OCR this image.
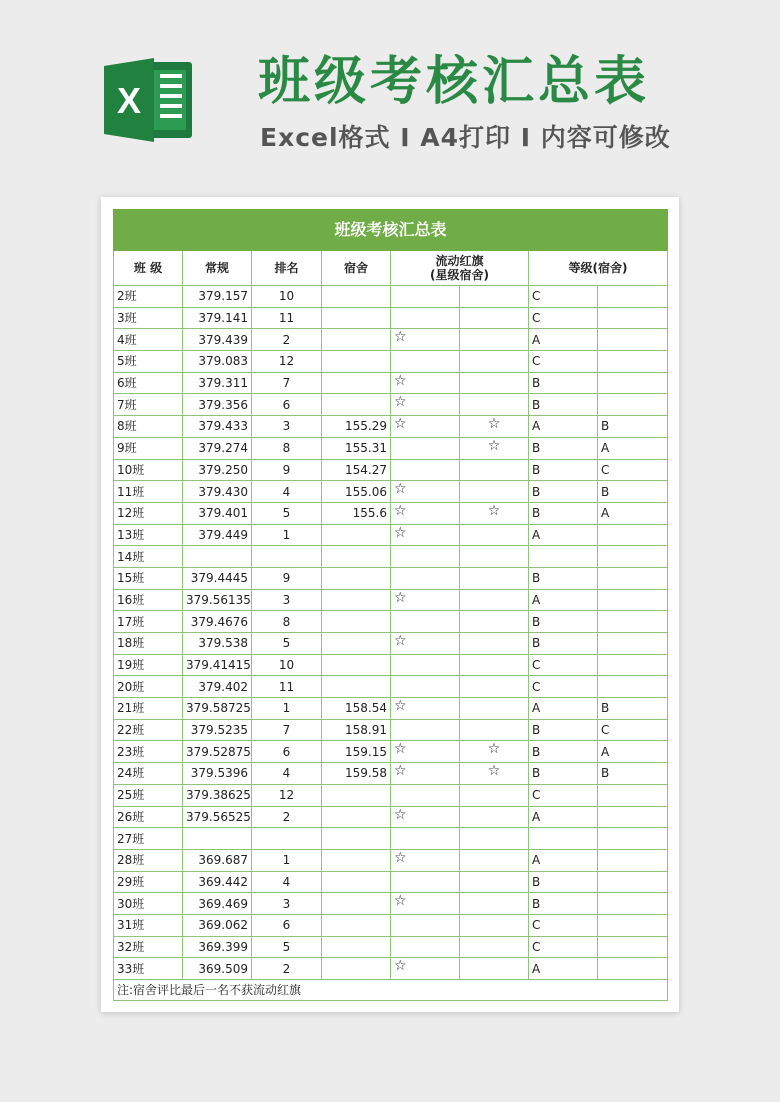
X 班级考核汇总表
Excel格式 Ι A4打印 Ι 内容可修改
班级考核汇总表							
班 级	常规	排名	宿舍	流动红旗
(星级宿舍)		等级(宿舍)	
2班	379.157	10				C	
3班	379.141	11				C	
4班	379.439	2		☆		A	
5班	379.083	12				C	
6班	379.311	7		☆		B	
7班	379.356	6		☆		B	
8班	379.433	3	155.29	☆	☆	A	B
9班	379.274	8	155.31		☆	B	A
10班	379.250	9	154.27			B	C
11班	379.430	4	155.06	☆		B	B
12班	379.401	5	155.6	☆	☆	B	A
13班	379.449	1		☆		A	
14班							
15班	379.4445	9				B	
16班	379.56135	3		☆		A	
17班	379.4676	8				B	
18班	379.538	5		☆		B	
19班	379.41415	10				C	
20班	379.402	11				C	
21班	379.58725	1	158.54	☆		A	B
22班	379.5235	7	158.91			B	C
23班	379.52875	6	159.15	☆	☆	B	A
24班	379.5396	4	159.58	☆	☆	B	B
25班	379.38625	12				C	
26班	379.56525	2		☆		A	
27班							
28班	369.687	1		☆		A	
29班	369.442	4				B	
30班	369.469	3		☆		B	
31班	369.062	6				C	
32班	369.399	5				C	
33班	369.509	2		☆		A	
注:宿舍评比最后一名不获流动红旗							
